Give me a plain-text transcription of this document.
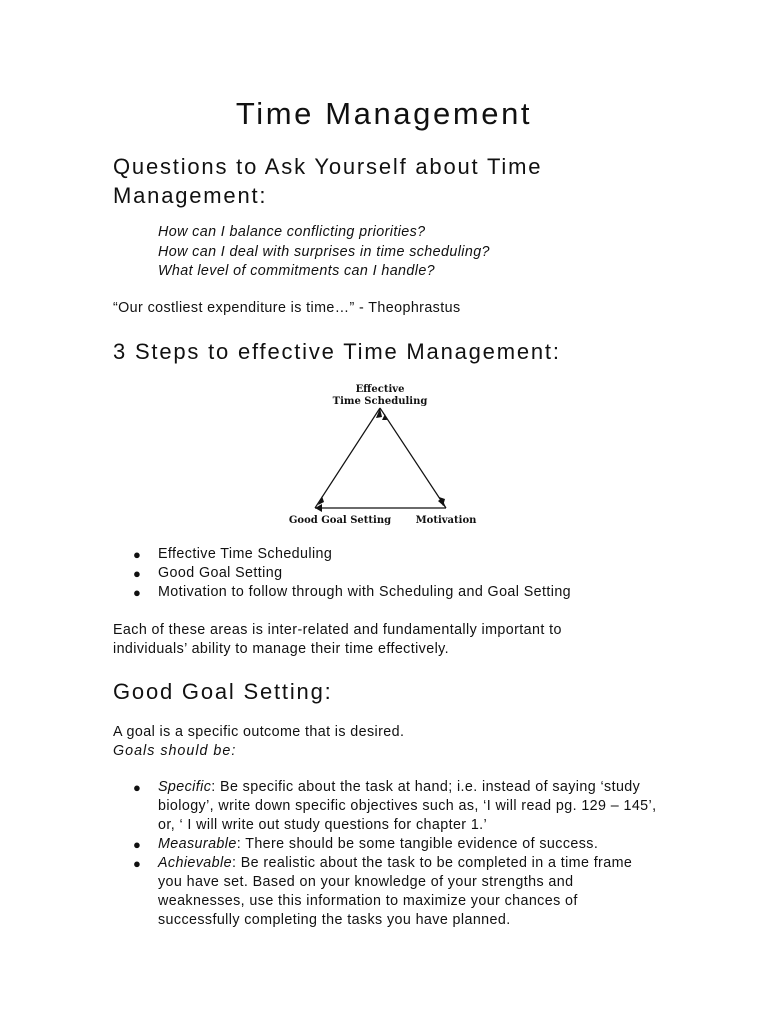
Time Management
Questions to Ask Yourself about Time
Management:
How can I balance conflicting priorities?
How can I deal with surprises in time scheduling?
What level of commitments can I handle?
“Our costliest expenditure is time…” - Theophrastus
3 Steps to effective Time Management:
Effective
Time Scheduling
Good Goal Setting Motivation
● Effective Time Scheduling
● Good Goal Setting
● Motivation to follow through with Scheduling and Goal Setting
Each of these areas is inter-related and fundamentally important to
individuals’ ability to manage their time effectively.
Good Goal Setting:
A goal is a specific outcome that is desired.
Goals should be:
● Specific: Be specific about the task at hand; i.e. instead of saying ‘study biology’, write down specific objectives such as, ‘I will read pg. 129 – 145’, or, ‘ I will write out study questions for chapter 1.’
● Measurable: There should be some tangible evidence of success.
● Achievable: Be realistic about the task to be completed in a time frame you have set. Based on your knowledge of your strengths and weaknesses, use this information to maximize your chances of successfully completing the tasks you have planned.
